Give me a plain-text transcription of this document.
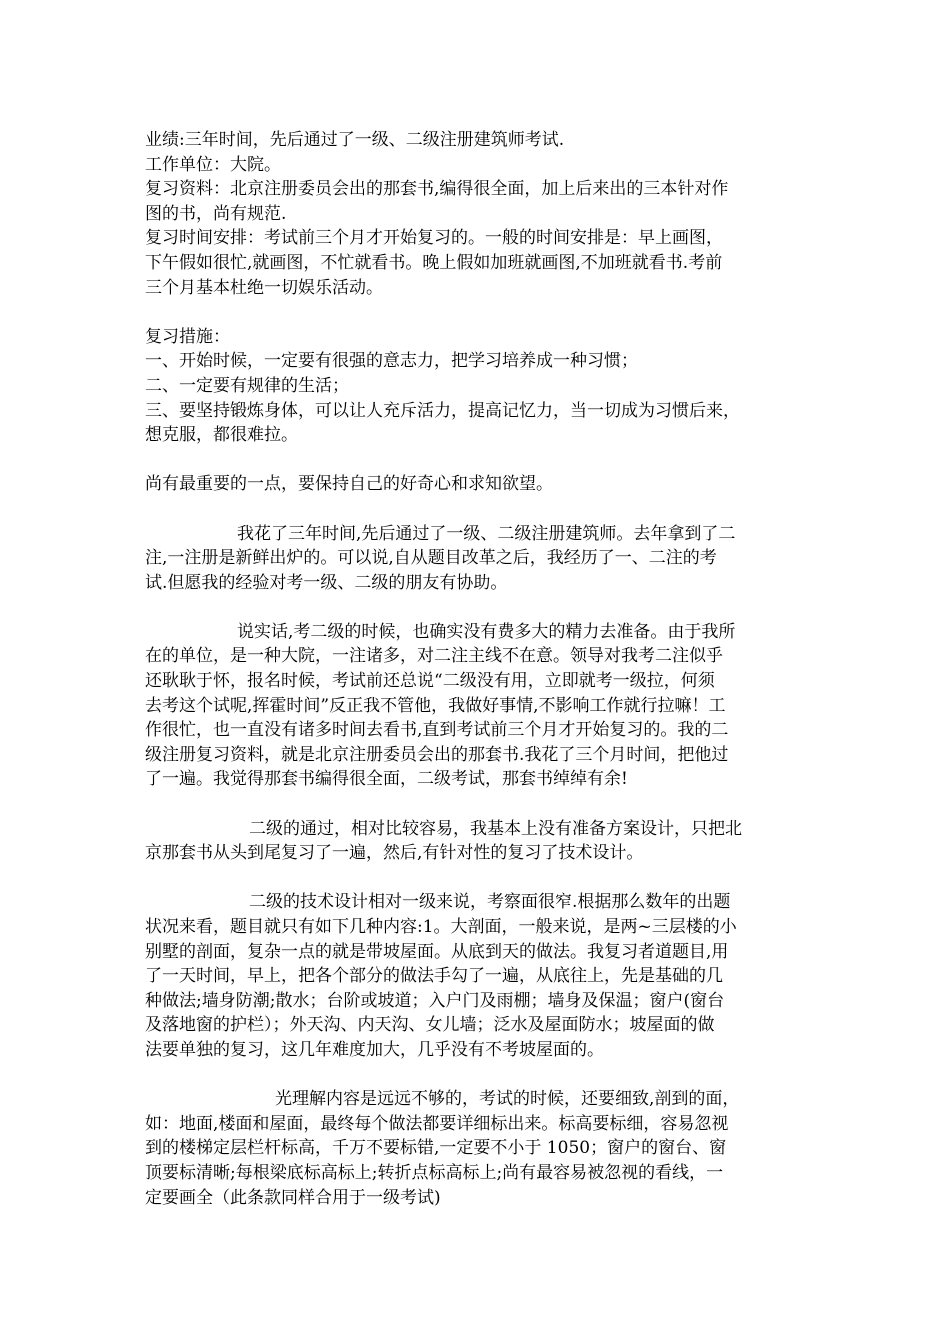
业绩:三年时间，先后通过了一级、二级注册建筑师考试.
工作单位：大院。
复习资料：北京注册委员会出的那套书,编得很全面，加上后来出的三本针对作
图的书，尚有规范.
复习时间安排：考试前三个月才开始复习的。一般的时间安排是：早上画图，
下午假如很忙,就画图，不忙就看书。晚上假如加班就画图,不加班就看书.考前
三个月基本杜绝一切娱乐活动。
复习措施：
一、开始时候，一定要有很强的意志力，把学习培养成一种习惯；
二、一定要有规律的生活；
三、要坚持锻炼身体，可以让人充斥活力，提高记忆力，当一切成为习惯后来，
想克服，都很难拉。
尚有最重要的一点，要保持自己的好奇心和求知欲望。
我花了三年时间,先后通过了一级、二级注册建筑师。去年拿到了二
注,一注册是新鲜出炉的。可以说,自从题目改革之后，我经历了一、二注的考
试.但愿我的经验对考一级、二级的朋友有协助。
说实话,考二级的时候，也确实没有费多大的精力去准备。由于我所
在的单位，是一种大院，一注诸多，对二注主线不在意。领导对我考二注似乎
还耿耿于怀，报名时候，考试前还总说“二级没有用，立即就考一级拉，何须
去考这个试呢,挥霍时间”反正我不管他，我做好事情,不影响工作就行拉嘛！工
作很忙，也一直没有诸多时间去看书,直到考试前三个月才开始复习的。我的二
级注册复习资料，就是北京注册委员会出的那套书.我花了三个月时间，把他过
了一遍。我觉得那套书编得很全面，二级考试，那套书绰绰有余!
二级的通过，相对比较容易，我基本上没有准备方案设计，只把北
京那套书从头到尾复习了一遍，然后,有针对性的复习了技术设计。
二级的技术设计相对一级来说，考察面很窄.根据那么数年的出题
状况来看，题目就只有如下几种内容:1。大剖面，一般来说，是两~三层楼的小
别墅的剖面，复杂一点的就是带坡屋面。从底到天的做法。我复习者道题目,用
了一天时间，早上，把各个部分的做法手勾了一遍，从底往上，先是基础的几
种做法;墙身防潮;散水；台阶或坡道；入户门及雨棚；墙身及保温；窗户(窗台
及落地窗的护栏）；外天沟、内天沟、女儿墙；泛水及屋面防水；坡屋面的做
法要单独的复习，这几年难度加大，几乎没有不考坡屋面的。
光理解内容是远远不够的，考试的时候，还要细致,剖到的面，
如：地面,楼面和屋面，最终每个做法都要详细标出来。标高要标细，容易忽视
到的楼梯定层栏杆标高，千万不要标错,一定要不小于 1050；窗户的窗台、窗
顶要标清晰;每根梁底标高标上;转折点标高标上;尚有最容易被忽视的看线，一
定要画全（此条款同样合用于一级考试)
